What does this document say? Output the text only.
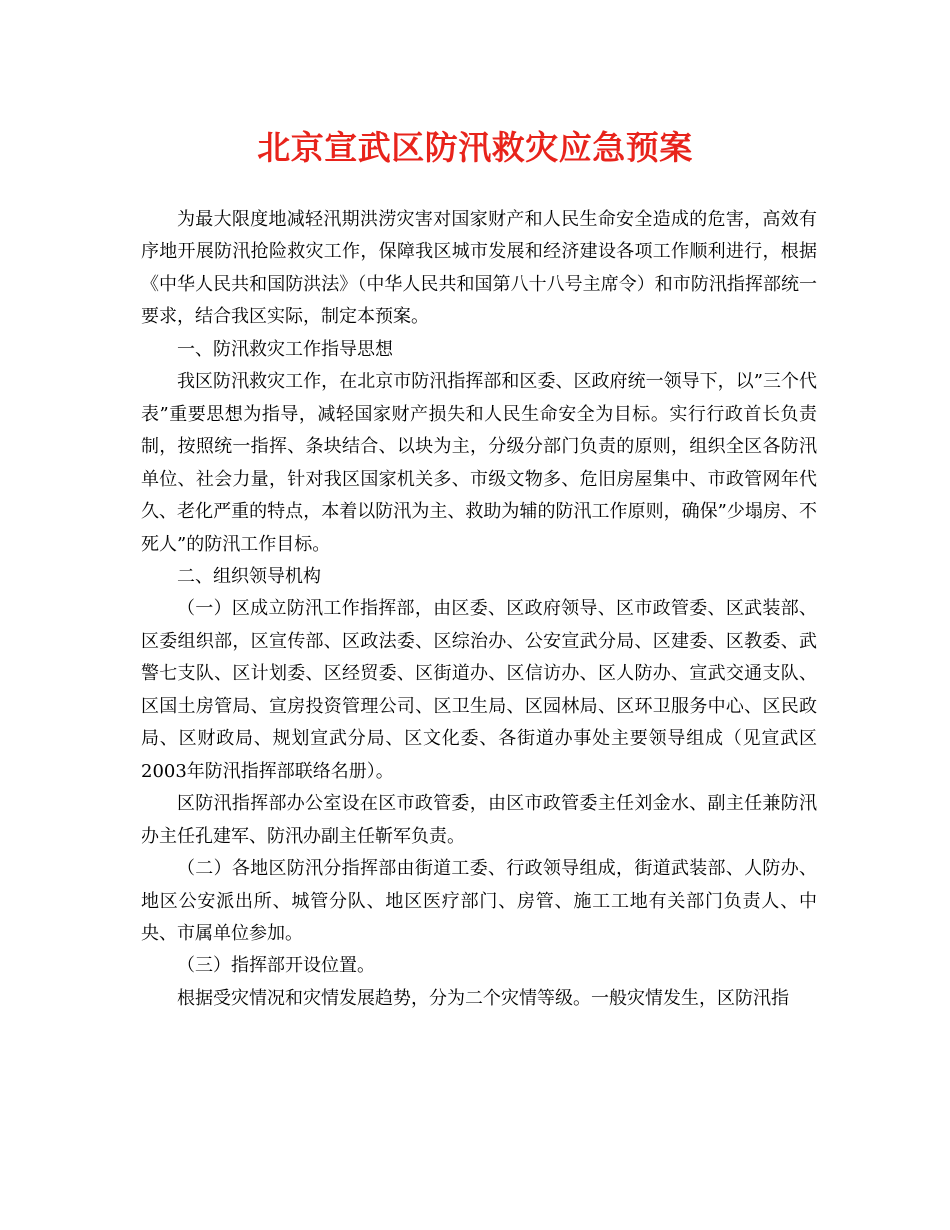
北京宣武区防汛救灾应急预案

为最大限度地减轻汛期洪涝灾害对国家财产和人民生命安全造成的危害，高效有序地开展防汛抢险救灾工作，保障我区城市发展和经济建设各项工作顺利进行，根据《中华人民共和国防洪法》（中华人民共和国第八十八号主席令）和市防汛指挥部统一要求，结合我区实际，制定本预案。

一、防汛救灾工作指导思想

我区防汛救灾工作，在北京市防汛指挥部和区委、区政府统一领导下，以”三个代表”重要思想为指导，减轻国家财产损失和人民生命安全为目标。实行行政首长负责制，按照统一指挥、条块结合、以块为主，分级分部门负责的原则，组织全区各防汛单位、社会力量，针对我区国家机关多、市级文物多、危旧房屋集中、市政管网年代久、老化严重的特点，本着以防汛为主、救助为辅的防汛工作原则，确保”少塌房、不死人”的防汛工作目标。

二、组织领导机构

（一）区成立防汛工作指挥部，由区委、区政府领导、区市政管委、区武装部、区委组织部，区宣传部、区政法委、区综治办、公安宣武分局、区建委、区教委、武警七支队、区计划委、区经贸委、区街道办、区信访办、区人防办、宣武交通支队、区国土房管局、宣房投资管理公司、区卫生局、区园林局、区环卫服务中心、区民政局、区财政局、规划宣武分局、区文化委、各街道办事处主要领导组成（见宣武区2003年防汛指挥部联络名册）。

区防汛指挥部办公室设在区市政管委，由区市政管委主任刘金水、副主任兼防汛办主任孔建军、防汛办副主任靳军负责。

（二）各地区防汛分指挥部由街道工委、行政领导组成，街道武装部、人防办、地区公安派出所、城管分队、地区医疗部门、房管、施工工地有关部门负责人、中央、市属单位参加。

（三）指挥部开设位置。

根据受灾情况和灾情发展趋势，分为二个灾情等级。一般灾情发生，区防汛指
